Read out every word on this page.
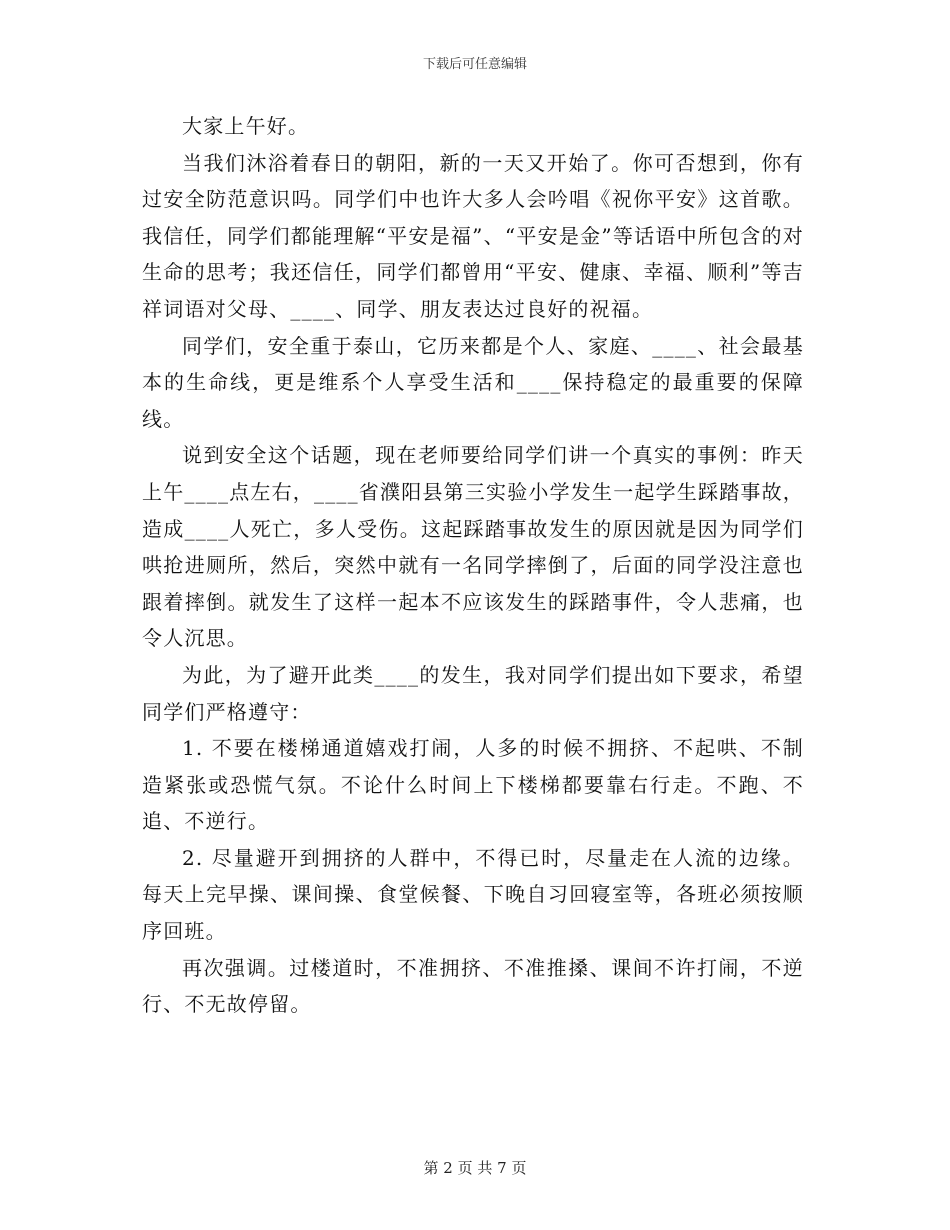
下载后可任意编辑

大家上午好。

当我们沐浴着春日的朝阳，新的一天又开始了。你可否想到，你有过安全防范意识吗。同学们中也许大多人会吟唱《祝你平安》这首歌。我信任，同学们都能理解“平安是福”、“平安是金”等话语中所包含的对生命的思考；我还信任，同学们都曾用“平安、健康、幸福、顺利”等吉祥词语对父母、____、同学、朋友表达过良好的祝福。

同学们，安全重于泰山，它历来都是个人、家庭、____、社会最基本的生命线，更是维系个人享受生活和____保持稳定的最重要的保障线。

说到安全这个话题，现在老师要给同学们讲一个真实的事例：昨天上午____点左右，____省濮阳县第三实验小学发生一起学生踩踏事故，造成____人死亡，多人受伤。这起踩踏事故发生的原因就是因为同学们哄抢进厕所，然后，突然中就有一名同学摔倒了，后面的同学没注意也跟着摔倒。就发生了这样一起本不应该发生的踩踏事件，令人悲痛，也令人沉思。

为此，为了避开此类____的发生，我对同学们提出如下要求，希望同学们严格遵守：

1. 不要在楼梯通道嬉戏打闹，人多的时候不拥挤、不起哄、不制造紧张或恐慌气氛。不论什么时间上下楼梯都要靠右行走。不跑、不追、不逆行。

2. 尽量避开到拥挤的人群中，不得已时，尽量走在人流的边缘。每天上完早操、课间操、食堂候餐、下晚自习回寝室等，各班必须按顺序回班。

再次强调。过楼道时，不准拥挤、不准推搡、课间不许打闹，不逆行、不无故停留。

第 2 页 共 7 页
